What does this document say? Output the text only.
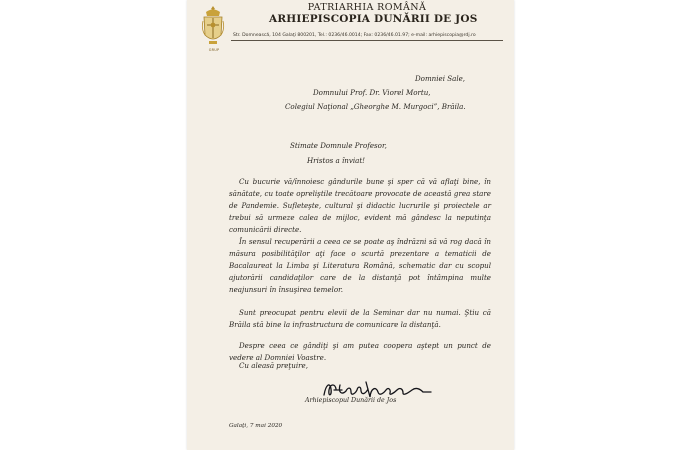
GRUP
PATRIARHIA ROMÂNĂ
ARHIEPISCOPIA DUNĂRII DE JOS
Str. Domnească, 104 Galaţi 800201, Tel.: 0236/46.0014; Fax: 0236/46.01.97; e-mail: arhiepiscopia@rdj.ro
Domniei Sale,
Domnului Prof. Dr. Viorel Mortu,
Colegiul Naţional „Gheorghe M. Murgoci”, Brăila.
Stimate Domnule Profesor,
Hristos a înviat!
Cu bucurie vă/înnoiesc gândurile bune şi sper că vă aflaţi bine, în sănătate, cu toate opreliştile trecătoare provocate de această grea stare de Pandemie. Sufleteşte, cultural şi didactic lucrurile şi proiectele ar trebui să urmeze calea de mijloc, evident mă gândesc la neputinţa comunicării directe.
În sensul recuperării a ceea ce se poate aş îndrăzni să vă rog dacă în măsura posibilităţilor aţi face o scurtă prezentare a tematicii de Bacalaureat la Limba şi Literatura Română, schematic dar cu scopul ajutorării candidaţilor care de la distanţă pot întâmpina multe neajunsuri în însuşirea temelor.
Sunt preocupat pentru elevii de la Seminar dar nu numai. Ştiu că Brăila stă bine la infrastructura de comunicare la distanţă.
Despre ceea ce gândiţi şi am putea coopera aştept un punct de vedere al Domniei Voastre.
Cu aleasă preţuire,
Arhiepiscopul Dunării de Jos
Galaţi, 7 mai 2020
